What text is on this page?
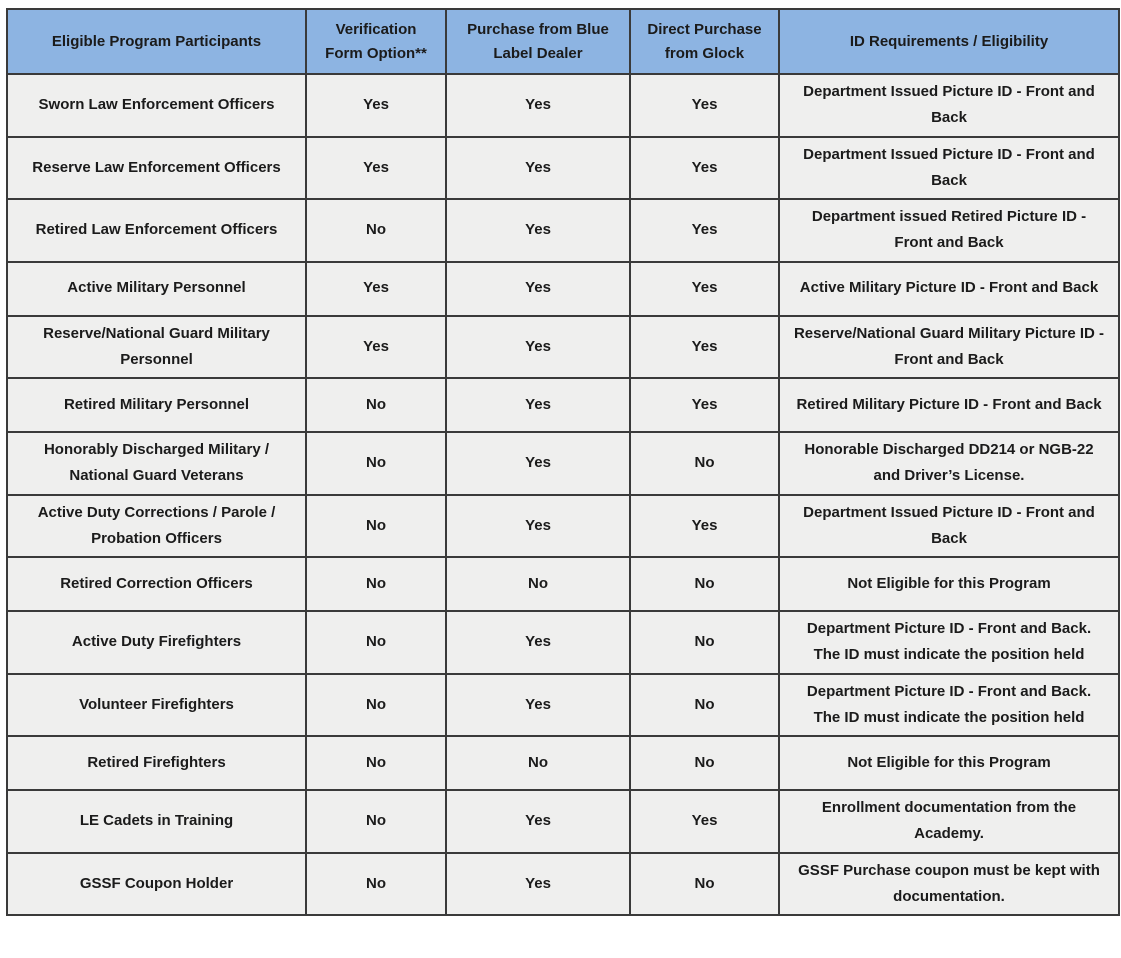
Eligible Program Participants	Verification Form Option**	Purchase from Blue Label Dealer	Direct Purchase from Glock	ID Requirements / Eligibility
Sworn Law Enforcement Officers	Yes	Yes	Yes	Department Issued Picture ID - Front and Back
Reserve Law Enforcement Officers	Yes	Yes	Yes	Department Issued Picture ID - Front and Back
Retired Law Enforcement Officers	No	Yes	Yes	Department issued Retired Picture ID - Front and Back
Active Military Personnel	Yes	Yes	Yes	Active Military Picture ID - Front and Back
Reserve/National Guard Military Personnel	Yes	Yes	Yes	Reserve/National Guard Military Picture ID - Front and Back
Retired Military Personnel	No	Yes	Yes	Retired Military Picture ID - Front and Back
Honorably Discharged Military / National Guard Veterans	No	Yes	No	Honorable Discharged DD214 or NGB-22 and Driver’s License.
Active Duty Corrections / Parole / Probation Officers	No	Yes	Yes	Department Issued Picture ID - Front and Back
Retired Correction Officers	No	No	No	Not Eligible for this Program
Active Duty Firefighters	No	Yes	No	Department Picture ID - Front and Back. The ID must indicate the position held
Volunteer Firefighters	No	Yes	No	Department Picture ID - Front and Back. The ID must indicate the position held
Retired Firefighters	No	No	No	Not Eligible for this Program
LE Cadets in Training	No	Yes	Yes	Enrollment documentation from the Academy.
GSSF Coupon Holder	No	Yes	No	GSSF Purchase coupon must be kept with documentation.
